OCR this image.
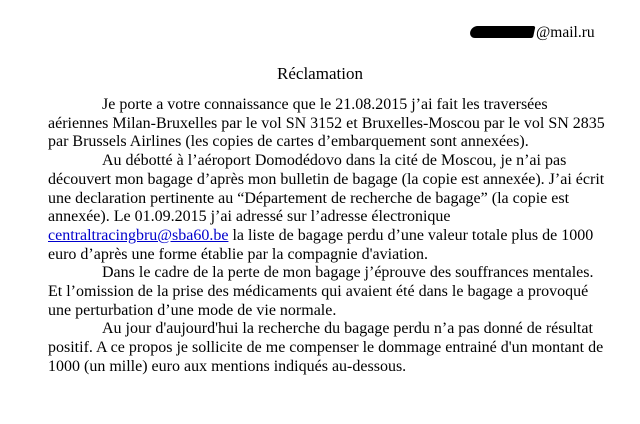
@mail.ru
Réclamation

Je porte a votre connaissance que le 21.08.2015 j’ai fait les traversées aériennes Milan-Bruxelles par le vol SN 3152 et Bruxelles-Moscou par le vol SN 2835 par Brussels Airlines (les copies de cartes d’embarquement sont annexées).

Au débotté à l’aéroport Domodédovo dans la cité de Moscou, je n’ai pas découvert mon bagage d’après mon bulletin de bagage (la copie est annexée). J’ai écrit une declaration pertinente au “Département de recherche de bagage” (la copie est annexée). Le 01.09.2015 j’ai adressé sur l’adresse électronique centraltracingbru@sba60.be la liste de bagage perdu d’une valeur totale plus de 1000 euro d’après une forme établie par la compagnie d'aviation.

Dans le cadre de la perte de mon bagage j’éprouve des souffrances mentales. Et l’omission de la prise des médicaments qui avaient été dans le bagage a provoqué une perturbation d’une mode de vie normale.

Au jour d'aujourd'hui la recherche du bagage perdu n’a pas donné de résultat positif. A ce propos je sollicite de me compenser le dommage entrainé d'un montant de 1000 (un mille) euro aux mentions indiqués au-dessous.
